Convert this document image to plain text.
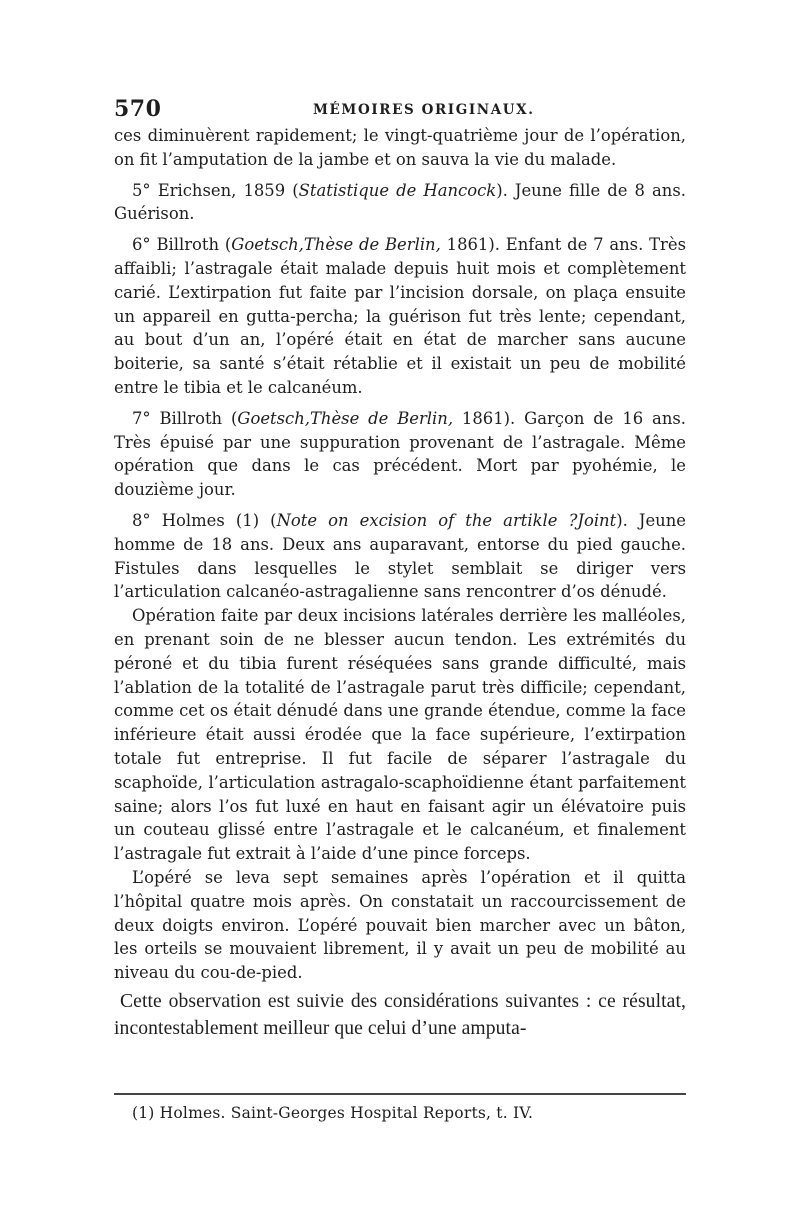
570	MÉMOIRES ORIGINAUX.

ces diminuèrent rapidement; le vingt-quatrième jour de l’opération, on fit l’amputation de la jambe et on sauva la vie du malade.

5° Erichsen, 1859 (Statistique de Hancock). Jeune fille de 8 ans. Guérison.

6° Billroth (Goetsch,Thèse de Berlin, 1861). Enfant de 7 ans. Très affaibli; l’astragale était malade depuis huit mois et complètement carié. L’extirpation fut faite par l’incision dorsale, on plaça ensuite un appareil en gutta-percha; la guérison fut très lente; cependant, au bout d’un an, l’opéré était en état de marcher sans aucune boiterie, sa santé s’était rétablie et il existait un peu de mobilité entre le tibia et le calcanéum.

7° Billroth (Goetsch,Thèse de Berlin, 1861). Garçon de 16 ans. Très épuisé par une suppuration provenant de l’astragale. Même opération que dans le cas précédent. Mort par pyohémie, le douzième jour.

8° Holmes (1) (Note on excision of the artikle ?Joint). Jeune homme de 18 ans. Deux ans auparavant, entorse du pied gauche. Fistules dans lesquelles le stylet semblait se diriger vers l’articulation calcanéo-astragalienne sans rencontrer d’os dénudé.

Opération faite par deux incisions latérales derrière les malléoles, en prenant soin de ne blesser aucun tendon. Les extrémités du péroné et du tibia furent réséquées sans grande difficulté, mais l’ablation de la totalité de l’astragale parut très difficile; cependant, comme cet os était dénudé dans une grande étendue, comme la face inférieure était aussi érodée que la face supérieure, l’extirpation totale fut entreprise. Il fut facile de séparer l’astragale du scaphoïde, l’articulation astragalo-scaphoïdienne étant parfaitement saine; alors l’os fut luxé en haut en faisant agir un élévatoire puis un couteau glissé entre l’astragale et le calcanéum, et finalement l’astragale fut extrait à l’aide d’une pince forceps.

L’opéré se leva sept semaines après l’opération et il quitta l’hôpital quatre mois après. On constatait un raccourcissement de deux doigts environ. L’opéré pouvait bien marcher avec un bâton, les orteils se mouvaient librement, il y avait un peu de mobilité au niveau du cou-de-pied.

Cette observation est suivie des considérations suivantes : ce résultat, incontestablement meilleur que celui d’une amputa-

(1) Holmes. Saint-Georges Hospital Reports, t. IV.
